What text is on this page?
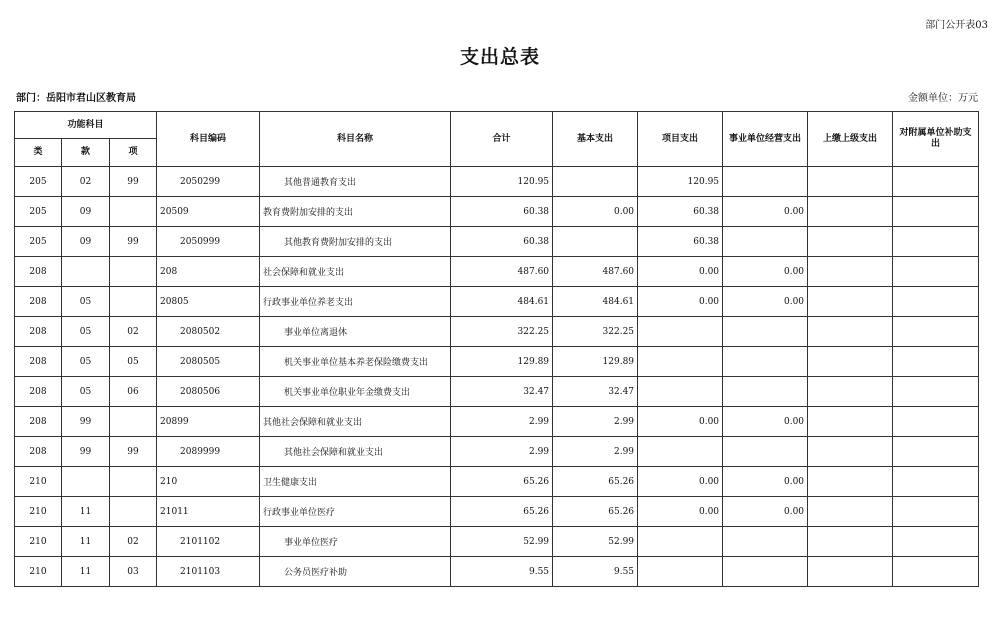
部门公开表03
支出总表
部门：岳阳市君山区教育局	金额单位：万元
功能科目			科目编码	科目名称	合计	基本支出	项目支出	事业单位经营支出	上缴上级支出	对附属单位补助支出
类	款	项								
205	02	99	2050299	其他普通教育支出	120.95		120.95			
205	09		20509	教育费附加安排的支出	60.38	0.00	60.38	0.00		
205	09	99	2050999	其他教育费附加安排的支出	60.38		60.38			
208			208	社会保障和就业支出	487.60	487.60	0.00	0.00		
208	05		20805	行政事业单位养老支出	484.61	484.61	0.00	0.00		
208	05	02	2080502	事业单位离退休	322.25	322.25				
208	05	05	2080505	机关事业单位基本养老保险缴费支出	129.89	129.89				
208	05	06	2080506	机关事业单位职业年金缴费支出	32.47	32.47				
208	99		20899	其他社会保障和就业支出	2.99	2.99	0.00	0.00		
208	99	99	2089999	其他社会保障和就业支出	2.99	2.99				
210			210	卫生健康支出	65.26	65.26	0.00	0.00		
210	11		21011	行政事业单位医疗	65.26	65.26	0.00	0.00		
210	11	02	2101102	事业单位医疗	52.99	52.99				
210	11	03	2101103	公务员医疗补助	9.55	9.55				
